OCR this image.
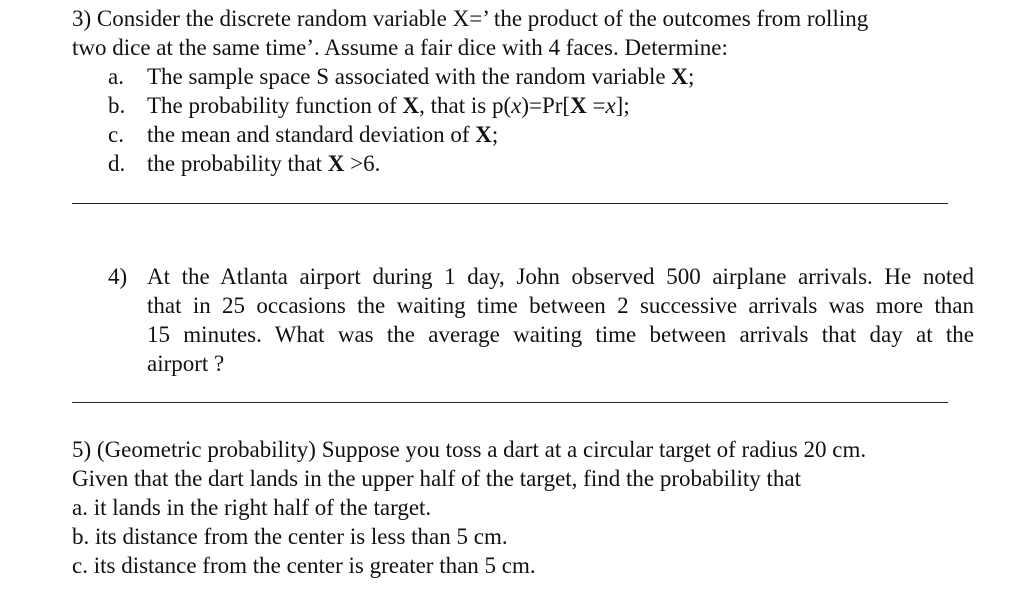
3) Consider the discrete random variable X=’ the product of the outcomes from rolling
two dice at the same time’. Assume a fair dice with 4 faces. Determine:
a.	The sample space S associated with the random variable X;
b. The probability function of X, that is p(x)=Pr[X =x];
c.	the mean and standard deviation of X;
d. the probability that X >6.
4) At the Atlanta airport during 1 day, John observed 500 airplane arrivals. He noted
that in 25 occasions the waiting time between 2 successive arrivals was more than
15 minutes. What was the average waiting time between arrivals that day at the
airport ?
5) (Geometric probability) Suppose you toss a dart at a circular target of radius 20 cm.
Given that the dart lands in the upper half of the target, find the probability that
a. it lands in the right half of the target.
b. its distance from the center is less than 5 cm.
c. its distance from the center is greater than 5 cm.
